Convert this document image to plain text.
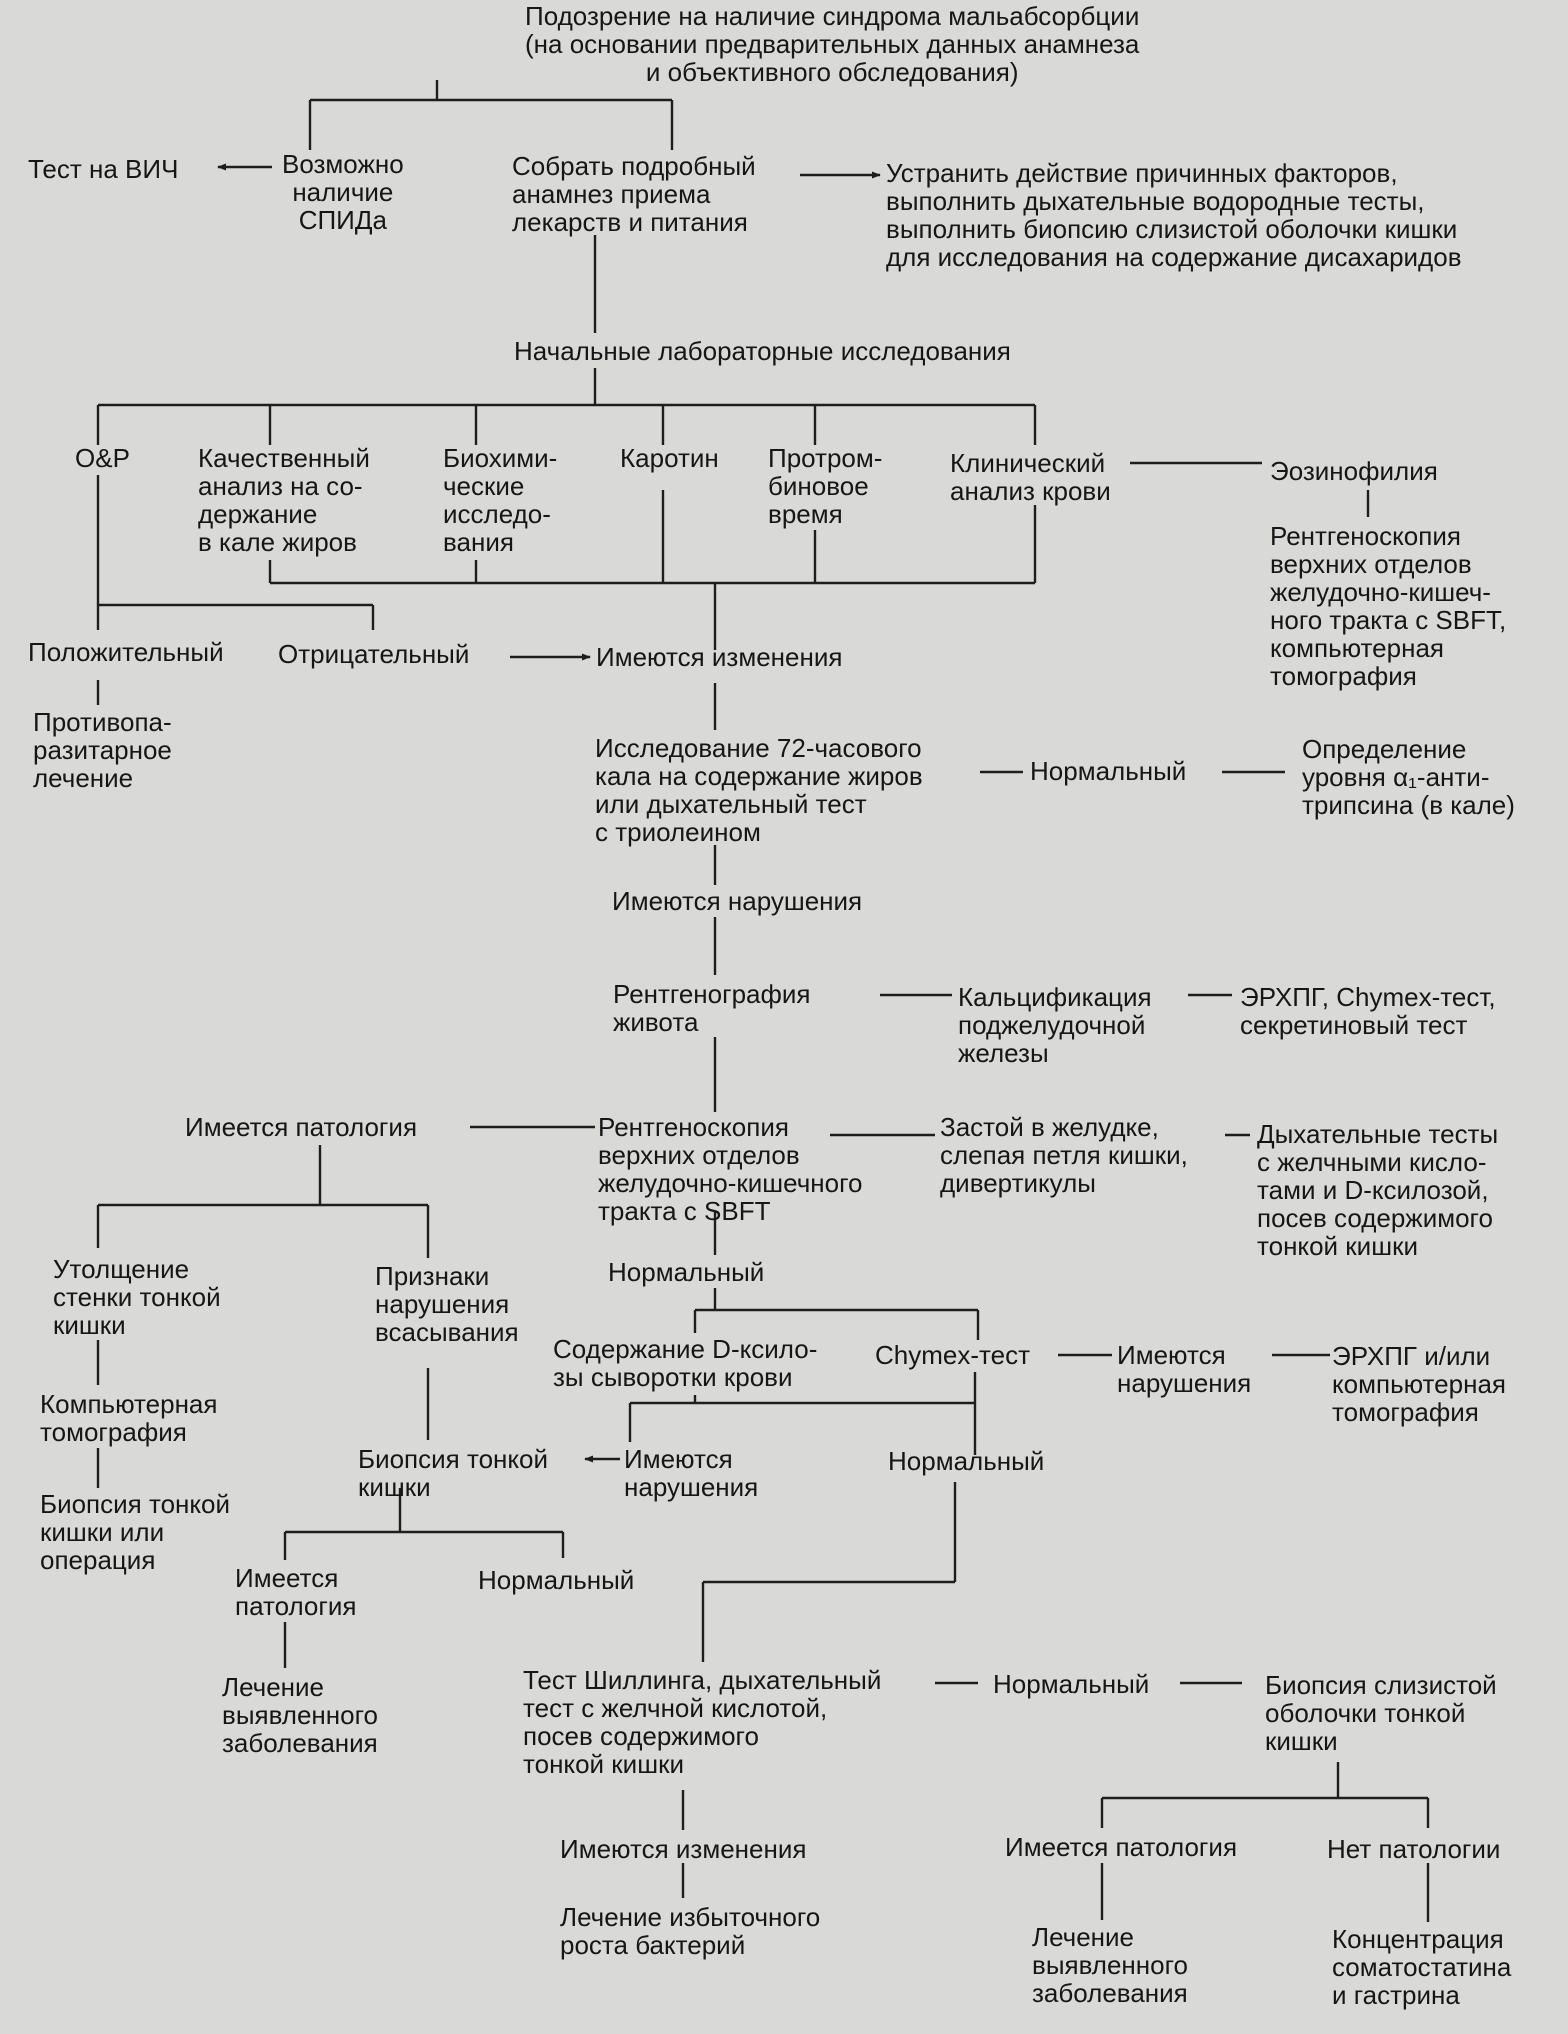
Подозрение на наличие синдрома мальабсорбции
(на основании предварительных данных анамнеза
и объективного обследования)
Тест на ВИЧ	Возможно
наличие
СПИДа
Собрать подробный
анамнез приема
лекарств и питания
Устранить действие причинных факторов,
выполнить дыхательные водородные тесты,
выполнить биопсию слизистой оболочки кишки
для исследования на содержание дисахаридов
Начальные лабораторные исследования
O&P	Качественный
анализ на со-
держание
в кале жиров
Биохими-
ческие
исследо-
вания
Каротин Протром-
биновое
время
Клинический
анализ крови
Эозинофилия
Рентгеноскопия
верхних отделов
желудочно-кишеч-
ного тракта с SBFT,
компьютерная
томография
Положительный Отрицательный	Имеются изменения
Противопа-
разитарное
лечение
Исследование 72-часового
кала на содержание жиров
или дыхательный тест
с триолеином
Нормальный
Определение
уровня α₁-анти-
трипсина (в кале)
Имеются нарушения
Рентгенография
живота
Кальцификация
поджелудочной
железы
ЭРХПГ, Chymex-тест,
секретиновый тест
Имеется патология	Рентгеноскопия
верхних отделов
желудочно-кишечного
тракта с SBFT
Застой в желудке,
слепая петля кишки,
дивертикулы
Дыхательные тесты
с желчными кисло-
тами и D-ксилозой,
посев содержимого
тонкой кишки
Утолщение
стенки тонкой
кишки
Признаки
нарушения
всасывания
Нормальный
Содержание D-ксило-
зы сыворотки крови
Chymex-тест	Имеются
нарушения
ЭРХПГ и/или
компьютерная
томография
Компьютерная
томография
Биопсия тонкой
кишки
Имеются
нарушения
Нормальный
Биопсия тонкой
кишки или
операция
Имеется
патология
Нормальный
Лечение
выявленного
заболевания
Тест Шиллинга, дыхательный
тест с желчной кислотой,
посев содержимого
тонкой кишки
Нормальный	Биопсия слизистой
оболочки тонкой
кишки
Имеются изменения	Имеется патология	Нет патологии
Лечение избыточного
роста бактерий	Лечение
выявленного
заболевания
Концентрация
соматостатина
и гастрина
